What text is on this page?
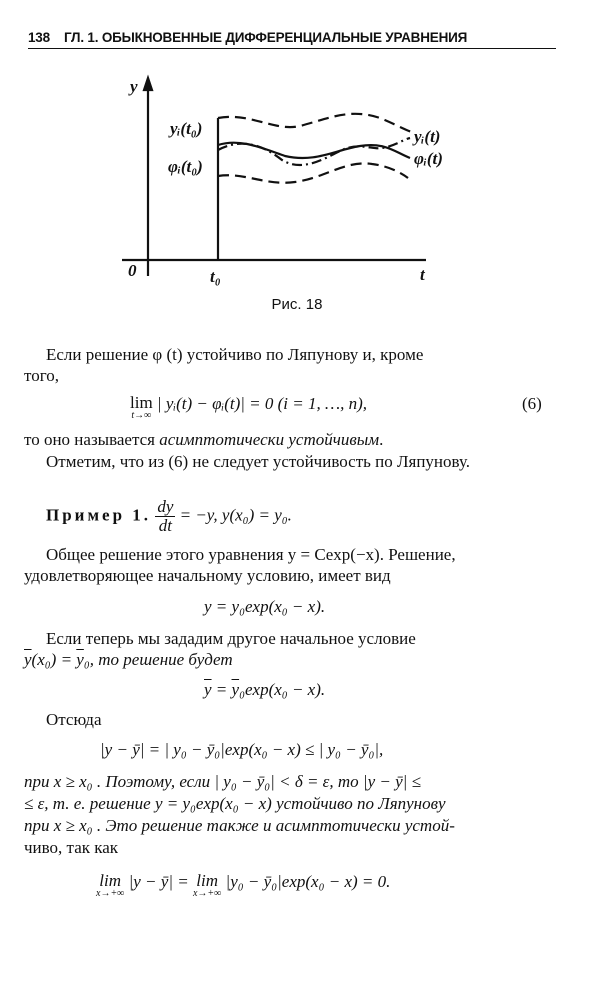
138 ГЛ. 1. ОБЫКНОВЕННЫЕ ДИФФЕРЕНЦИАЛЬНЫЕ УРАВНЕНИЯ
y
t
0	t₀
yᵢ(t₀)
φᵢ(t₀)
yᵢ(t)
φᵢ(t)
Рис. 18
Если решение φ (t) устойчиво по Ляпунову и, кроме
того,
lim
t→∞
| yᵢ(t) − φᵢ(t)| = 0 (i = 1, …, n),	(6)
то оно называется асимптотически устойчивым.
Отметим, что из (6) не следует устойчивость по Ляпунову.
Пример 1. $\frac{dy}{dt} = -y$, y(x₀) = y₀.
Общее решение этого уравнения y = Cexp(−x). Решение,
удовлетворяющее начальному условию, имеет вид
y = y₀exp(x₀ − x).
Если теперь мы зададим другое начальное условие
$\overline{y}(x_0) = \overline{y}_0$, то решение будет
$\overline{y} = \overline{y}_0\exp(x_0 - x)$.
Отсюда
|y − ȳ| = | y₀ − ȳ₀|exp(x₀ − x) ≤ | y₀ − ȳ₀|,
при x ≥ x₀ . Поэтому, если | y₀ − ȳ₀| < δ = ε, то |y − ȳ| ≤
≤ ε, т. е. решение y = y₀exp(x₀ − x) устойчиво по Ляпунову
при x ≥ x₀ . Это решение также и асимптотически устой-
чиво, так как
lim
x→+∞
|y − ȳ| = lim
x→+∞
|y₀ − ȳ₀|exp(x₀ − x) = 0.
